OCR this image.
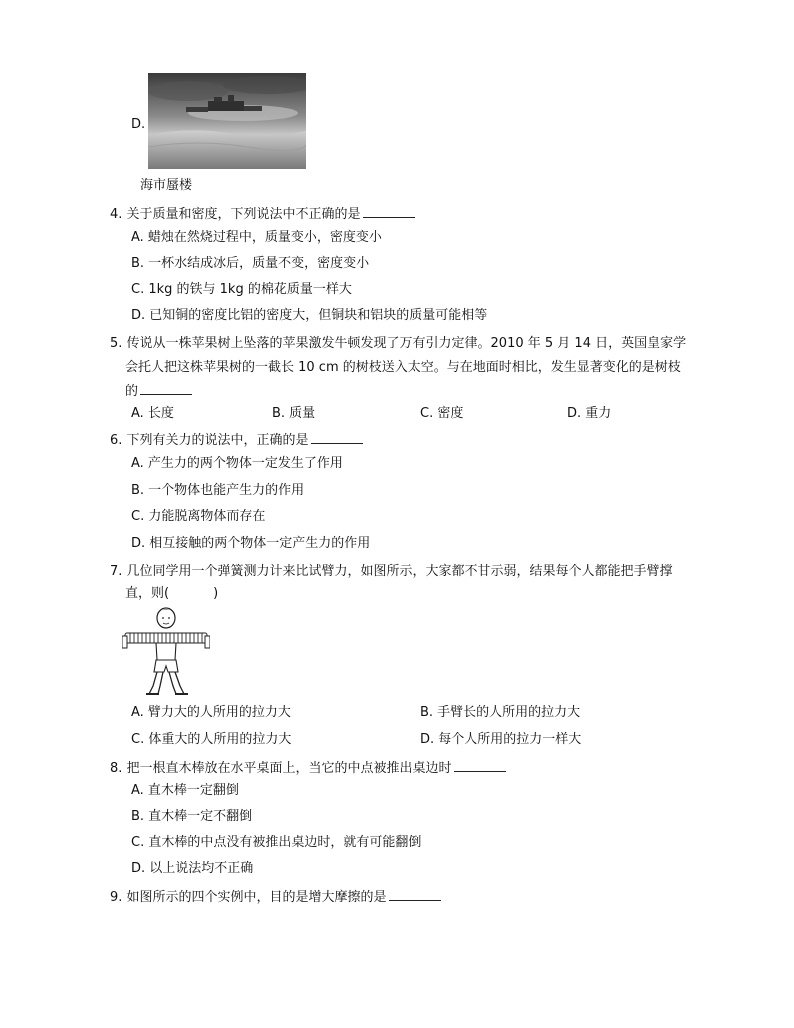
D.
海市蜃楼
4. 关于质量和密度，下列说法中不正确的是
A. 蜡烛在然烧过程中，质量变小，密度变小
B. 一杯水结成冰后，质量不变，密度变小
C. 1kg 的铁与 1kg 的棉花质量一样大
D. 已知铜的密度比铝的密度大，但铜块和铝块的质量可能相等
5. 传说从一株苹果树上坠落的苹果激发牛顿发现了万有引力定律。2010 年 5 月 14 日，英国皇家学
会托人把这株苹果树的一截长 10 cm 的树枝送入太空。与在地面时相比，发生显著变化的是树枝
的
A. 长度	B. 质量	C. 密度	D. 重力
6. 下列有关力的说法中，正确的是
A. 产生力的两个物体一定发生了作用
B. 一个物体也能产生力的作用
C. 力能脱离物体而存在
D. 相互接触的两个物体一定产生力的作用
7. 几位同学用一个弹簧测力计来比试臂力，如图所示，大家都不甘示弱，结果每个人都能把手臂撑
直，则(	)
A. 臂力大的人所用的拉力大	B. 手臂长的人所用的拉力大
C. 体重大的人所用的拉力大	D. 每个人所用的拉力一样大
8. 把一根直木棒放在水平桌面上，当它的中点被推出桌边时
A. 直木棒一定翻倒
B. 直木棒一定不翻倒
C. 直木棒的中点没有被推出桌边时，就有可能翻倒
D. 以上说法均不正确
9. 如图所示的四个实例中，目的是增大摩擦的是
